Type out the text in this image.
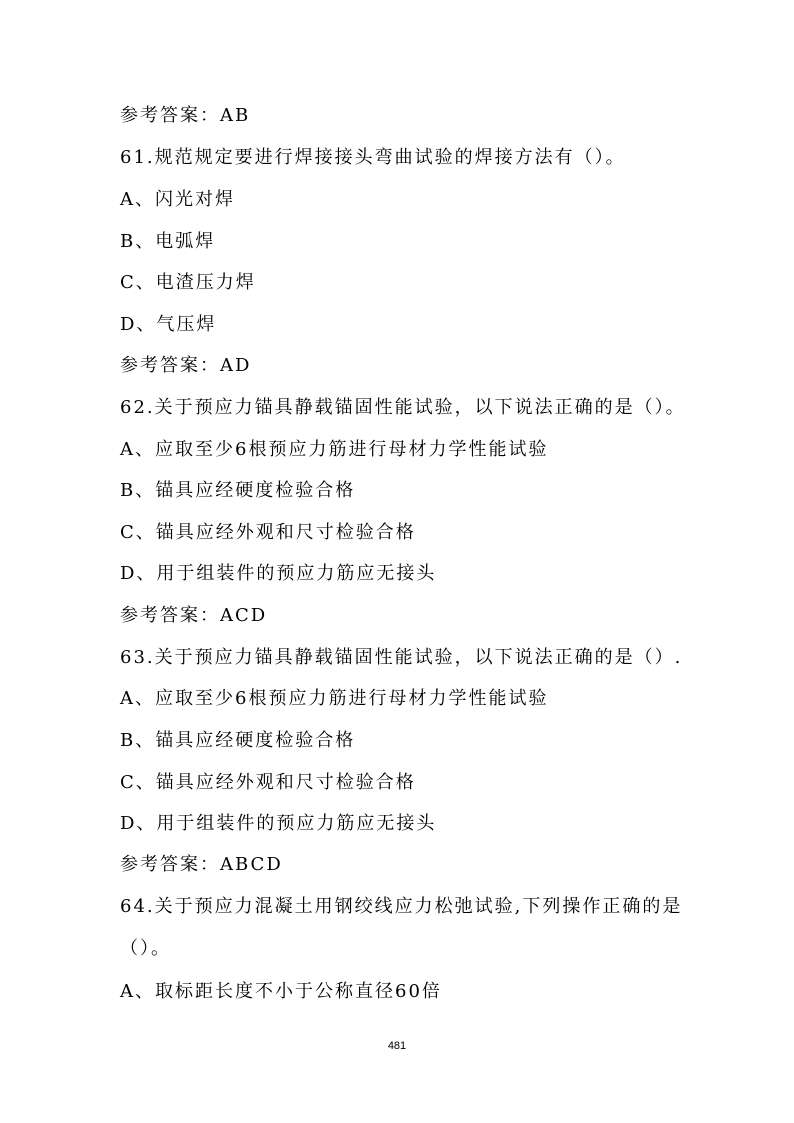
参考答案：AB
61.规范规定要进行焊接接头弯曲试验的焊接方法有（）。
A、闪光对焊
B、电弧焊
C、电渣压力焊
D、气压焊
参考答案：AD
62.关于预应力锚具静载锚固性能试验，以下说法正确的是（）。
A、应取至少6根预应力筋进行母材力学性能试验
B、锚具应经硬度检验合格
C、锚具应经外观和尺寸检验合格
D、用于组装件的预应力筋应无接头
参考答案：ACD
63.关于预应力锚具静载锚固性能试验，以下说法正确的是（）.
A、应取至少6根预应力筋进行母材力学性能试验
B、锚具应经硬度检验合格
C、锚具应经外观和尺寸检验合格
D、用于组装件的预应力筋应无接头
参考答案：ABCD
64.关于预应力混凝土用钢绞线应力松弛试验,下列操作正确的是
（）。
A、取标距长度不小于公称直径60倍
481
